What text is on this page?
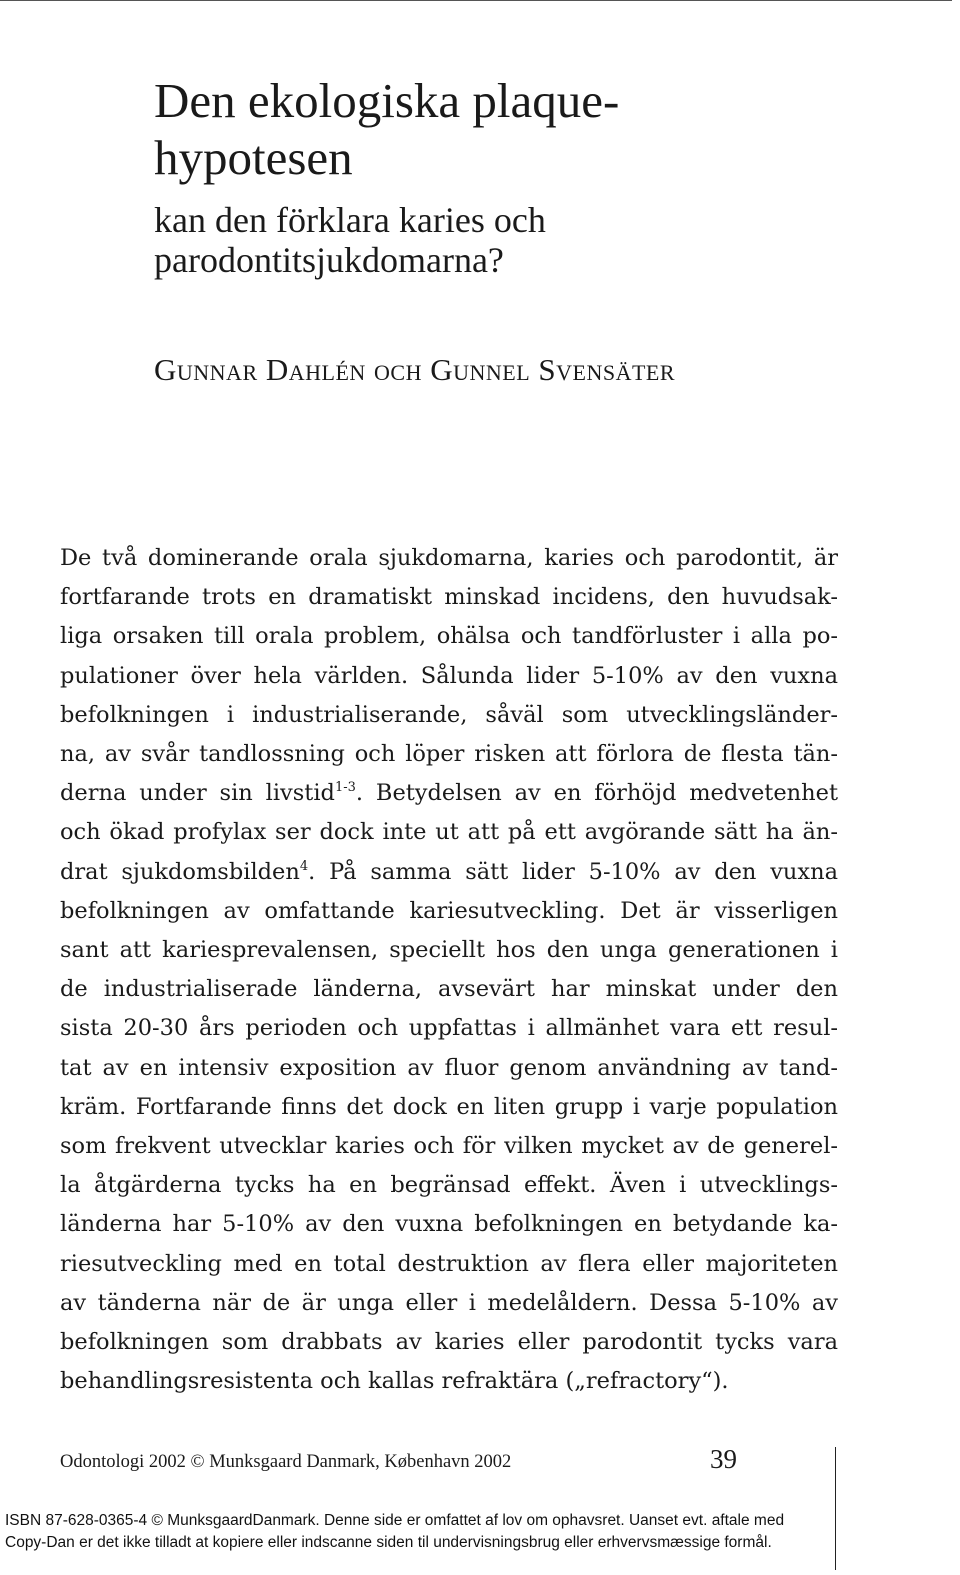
Den ekologiska plaque-
hypotesen
kan den förklara karies och
parodontitsjukdomarna?
Gunnar Dahlén och Gunnel Svensäter

De två dominerande orala sjukdomarna, karies och parodontit, är
fortfarande trots en dramatiskt minskad incidens, den huvudsak-
liga orsaken till orala problem, ohälsa och tandförluster i alla po-
pulationer över hela världen. Sålunda lider 5-10% av den vuxna
befolkningen i industrialiserande, såväl som utvecklingsländer-
na, av svår tandlossning och löper risken att förlora de flesta tän-
derna under sin livstid$^{1-3}$. Betydelsen av en förhöjd medvetenhet
och ökad profylax ser dock inte ut att på ett avgörande sätt ha än-
drat sjukdomsbilden$^4$. På samma sätt lider 5-10% av den vuxna
befolkningen av omfattande kariesutveckling. Det är visserligen
sant att kariesprevalensen, speciellt hos den unga generationen i
de industrialiserade länderna, avsevärt har minskat under den
sista 20-30 års perioden och uppfattas i allmänhet vara ett resul-
tat av en intensiv exposition av fluor genom användning av tand-
kräm. Fortfarande finns det dock en liten grupp i varje population
som frekvent utvecklar karies och för vilken mycket av de generel-
la åtgärderna tycks ha en begränsad effekt. Även i utvecklings-
länderna har 5-10% av den vuxna befolkningen en betydande ka-
riesutveckling med en total destruktion av flera eller majoriteten
av tänderna när de är unga eller i medelåldern. Dessa 5-10% av
befolkningen som drabbats av karies eller parodontit tycks vara
behandlingsresistenta och kallas refraktära („refractory“).

Odontologi 2002 © Munksgaard Danmark, København 2002	39
ISBN 87-628-0365-4 © MunksgaardDanmark. Denne side er omfattet af lov om ophavsret. Uanset evt. aftale med
Copy-Dan er det ikke tilladt at kopiere eller indscanne siden til undervisningsbrug eller erhvervsmæssige formål.
